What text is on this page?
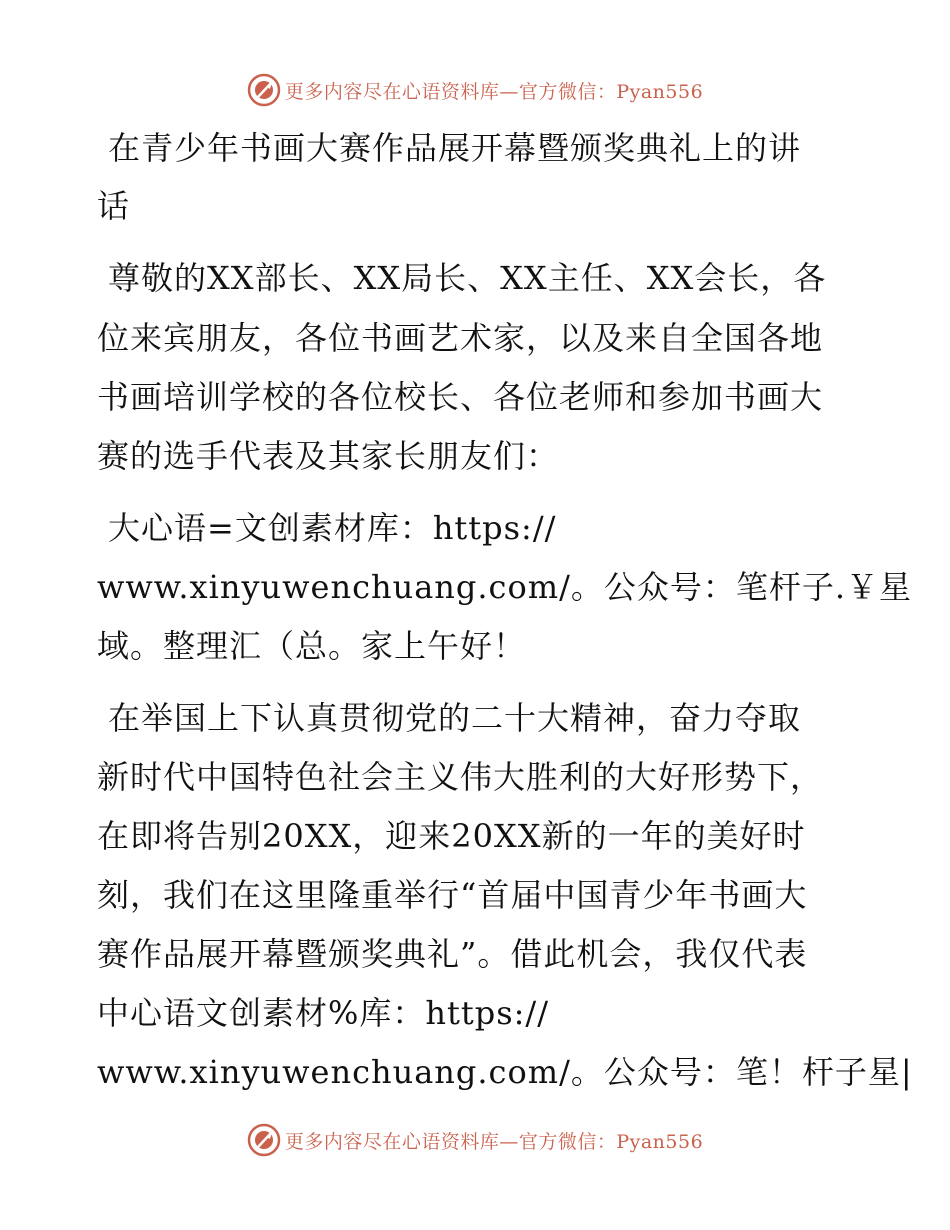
更多内容尽在心语资料库—官方微信：Pyan556
在青少年书画大赛作品展开幕暨颁奖典礼上的讲
话
尊敬的XX部长、XX局长、XX主任、XX会长，各
位来宾朋友，各位书画艺术家，以及来自全国各地
书画培训学校的各位校长、各位老师和参加书画大
赛的选手代表及其家长朋友们：
大心语=文创素材库：https://
www.xinyuwenchuang.com/。公众号：笔杆子.￥星
域。整理汇（总。家上午好！
在举国上下认真贯彻党的二十大精神，奋力夺取
新时代中国特色社会主义伟大胜利的大好形势下，
在即将告别20XX，迎来20XX新的一年的美好时
刻，我们在这里隆重举行“首届中国青少年书画大
赛作品展开幕暨颁奖典礼”。借此机会，我仅代表
中心语文创素材%库：https://
www.xinyuwenchuang.com/。公众号：笔！杆子星|
更多内容尽在心语资料库—官方微信：Pyan556
